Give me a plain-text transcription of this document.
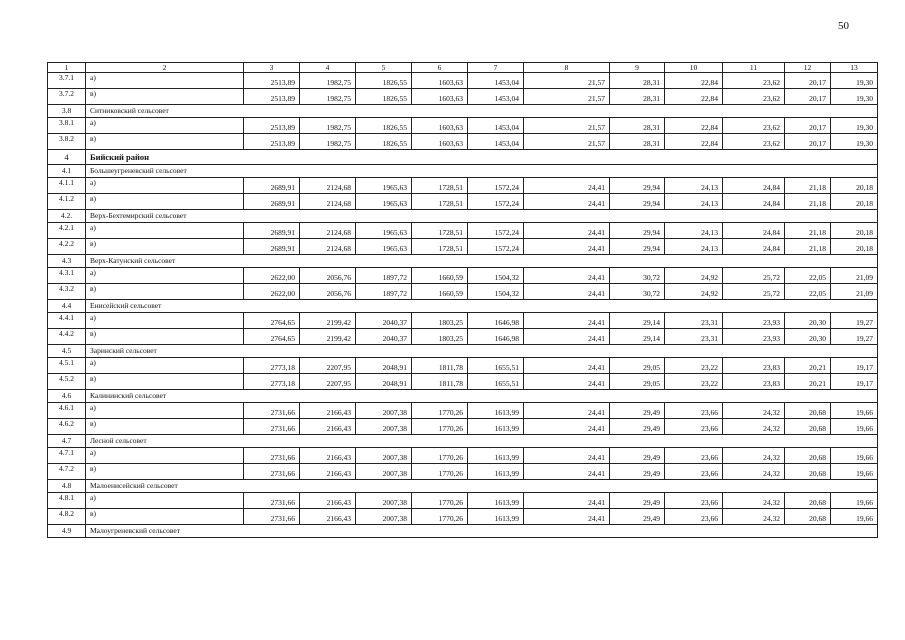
50
1	2	3	4	5	6	7	8	9	10	11	12	13
3.7.1	а)	2513,89	1982,75	1826,55	1603,63	1453,04	21,57	28,31	22,84	23,62	20,17	19,30
3.7.2	в)	2513,89	1982,75	1826,55	1603,63	1453,04	21,57	28,31	22,84	23,62	20,17	19,30
3.8	Ситниковский сельсовет											
3.8.1	а)	2513,89	1982,75	1826,55	1603,63	1453,04	21,57	28,31	22,84	23,62	20,17	19,30
3.8.2	в)	2513,89	1982,75	1826,55	1603,63	1453,04	21,57	28,31	22,84	23,62	20,17	19,30
4	Бийский район											
4.1	Большеугреневский сельсовет											
4.1.1	а)	2689,91	2124,68	1965,63	1728,51	1572,24	24,41	29,94	24,13	24,84	21,18	20,18
4.1.2	в)	2689,91	2124,68	1965,63	1728,51	1572,24	24,41	29,94	24,13	24,84	21,18	20,18
4.2.	Верх-Бехтемирский сельсовет											
4.2.1	а)	2689,91	2124,68	1965,63	1728,51	1572,24	24,41	29,94	24,13	24,84	21,18	20,18
4.2.2	в)	2689,91	2124,68	1965,63	1728,51	1572,24	24,41	29,94	24,13	24,84	21,18	20,18
4.3	Верх-Катунский сельсовет											
4.3.1	а)	2622,00	2056,76	1897,72	1660,59	1504,32	24,41	30,72	24,92	25,72	22,05	21,09
4.3.2	в)	2622,00	2056,76	1897,72	1660,59	1504,32	24,41	30,72	24,92	25,72	22,05	21,09
4.4	Енисейский сельсовет											
4.4.1	а)	2764,65	2199,42	2040,37	1803,25	1646,98	24,41	29,14	23,31	23,93	20,30	19,27
4.4.2	в)	2764,65	2199,42	2040,37	1803,25	1646,98	24,41	29,14	23,31	23,93	20,30	19,27
4.5	Заринский сельсовет											
4.5.1	а)	2773,18	2207,95	2048,91	1811,78	1655,51	24,41	29,05	23,22	23,83	20,21	19,17
4.5.2	в)	2773,18	2207,95	2048,91	1811,78	1655,51	24,41	29,05	23,22	23,83	20,21	19,17
4.6	Калининский сельсовет											
4.6.1	а)	2731,66	2166,43	2007,38	1770,26	1613,99	24,41	29,49	23,66	24,32	20,68	19,66
4.6.2	в)	2731,66	2166,43	2007,38	1770,26	1613,99	24,41	29,49	23,66	24,32	20,68	19,66
4.7	Лесной сельсовет											
4.7.1	а)	2731,66	2166,43	2007,38	1770,26	1613,99	24,41	29,49	23,66	24,32	20,68	19,66
4.7.2	в)	2731,66	2166,43	2007,38	1770,26	1613,99	24,41	29,49	23,66	24,32	20,68	19,66
4.8	Малоенисейский сельсовет											
4.8.1	а)	2731,66	2166,43	2007,38	1770,26	1613,99	24,41	29,49	23,66	24,32	20,68	19,66
4.8.2	в)	2731,66	2166,43	2007,38	1770,26	1613,99	24,41	29,49	23,66	24,32	20,68	19,66
4.9	Малоугреневский сельсовет											
